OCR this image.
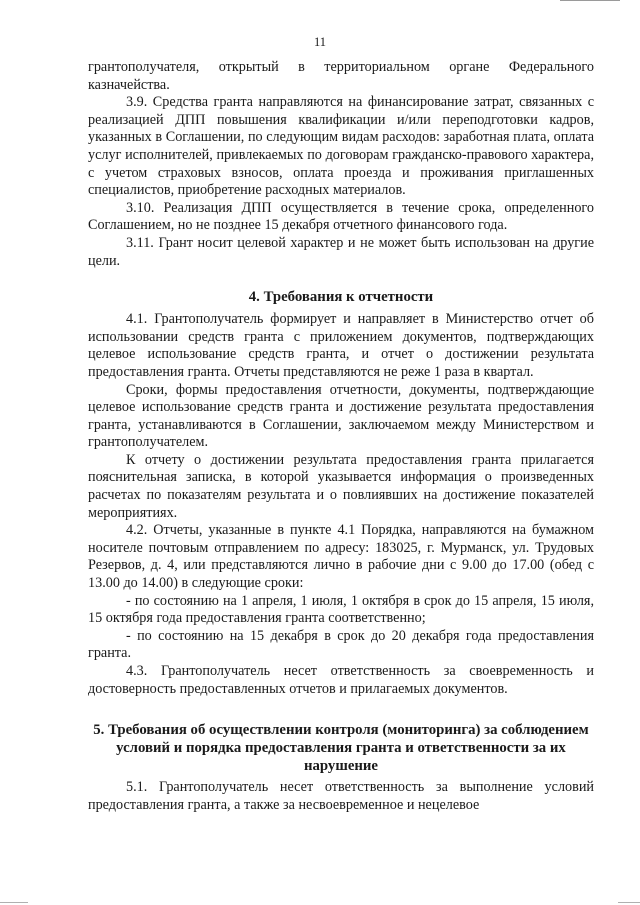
11

грантополучателя, открытый в территориальном органе Федерального казначейства.

3.9. Средства гранта направляются на финансирование затрат, связанных с реализацией ДПП повышения квалификации и/или переподготовки кадров, указанных в Соглашении, по следующим видам расходов: заработная плата, оплата услуг исполнителей, привлекаемых по договорам гражданско-правового характера, с учетом страховых взносов, оплата проезда и проживания приглашенных специалистов, приобретение расходных материалов.

3.10. Реализация ДПП осуществляется в течение срока, определенного Соглашением, но не позднее 15 декабря отчетного финансового года.

3.11. Грант носит целевой характер и не может быть использован на другие цели.

4. Требования к отчетности

4.1. Грантополучатель формирует и направляет в Министерство отчет об использовании средств гранта с приложением документов, подтверждающих целевое использование средств гранта, и отчет о достижении результата предоставления гранта. Отчеты представляются не реже 1 раза в квартал.

Сроки, формы предоставления отчетности, документы, подтверждающие целевое использование средств гранта и достижение результата предоставления гранта, устанавливаются в Соглашении, заключаемом между Министерством и грантополучателем.

К отчету о достижении результата предоставления гранта прилагается пояснительная записка, в которой указывается информация о произведенных расчетах по показателям результата и о повлиявших на достижение показателей мероприятиях.

4.2. Отчеты, указанные в пункте 4.1 Порядка, направляются на бумажном носителе почтовым отправлением по адресу: 183025, г. Мурманск, ул. Трудовых Резервов, д. 4, или представляются лично в рабочие дни с 9.00 до 17.00 (обед с 13.00 до 14.00) в следующие сроки:

- по состоянию на 1 апреля, 1 июля, 1 октября в срок до 15 апреля, 15 июля, 15 октября года предоставления гранта соответственно;

- по состоянию на 15 декабря в срок до 20 декабря года предоставления гранта.

4.3. Грантополучатель несет ответственность за своевременность и достоверность предоставленных отчетов и прилагаемых документов.

5. Требования об осуществлении контроля (мониторинга) за соблюдением условий и порядка предоставления гранта и ответственности за их нарушение

5.1. Грантополучатель несет ответственность за выполнение условий предоставления гранта, а также за несвоевременное и нецелевое
